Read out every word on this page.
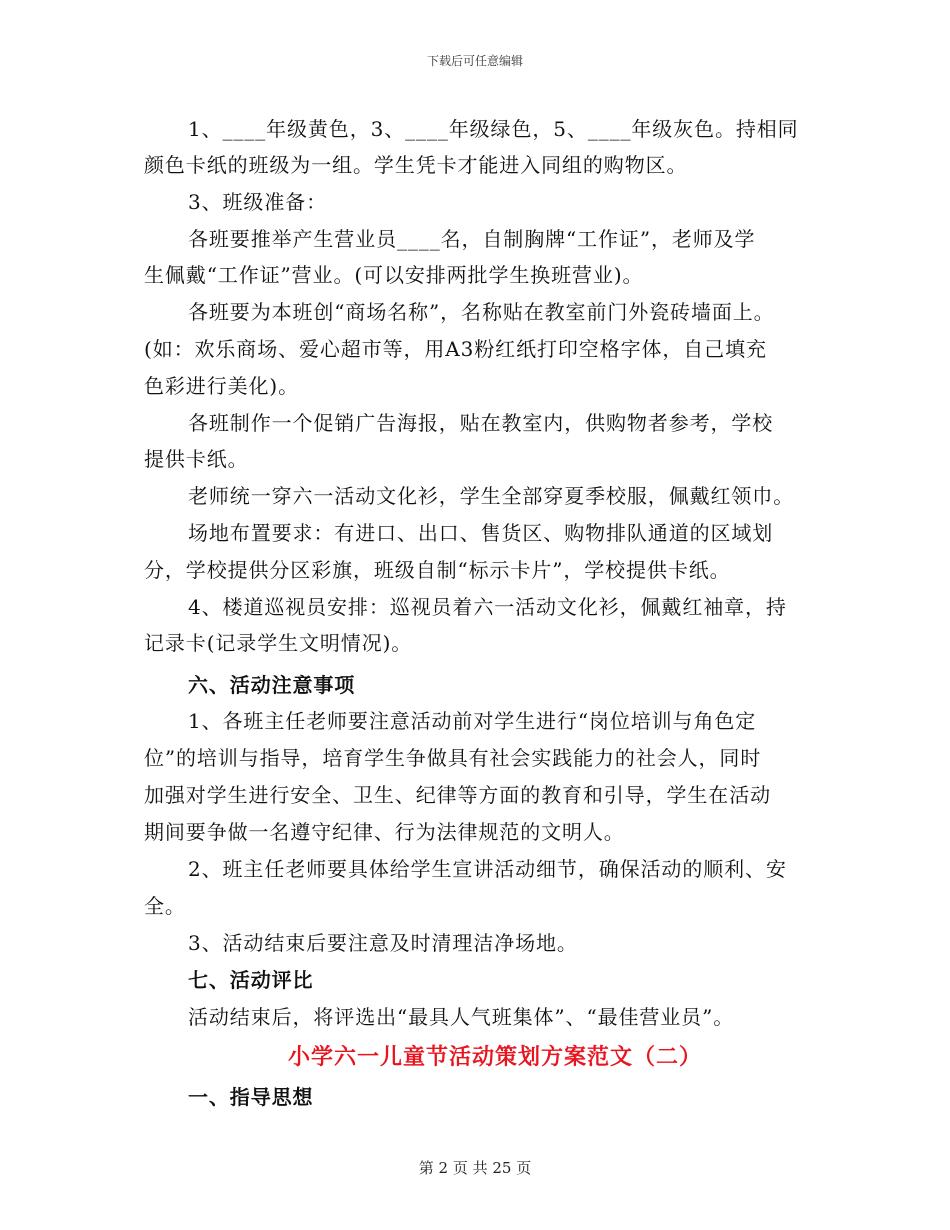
下载后可任意编辑
1、____年级黄色，3、____年级绿色，5、____年级灰色。持相同
颜色卡纸的班级为一组。学生凭卡才能进入同组的购物区。
3、班级准备：
各班要推举产生营业员____名，自制胸牌“工作证”，老师及学
生佩戴“工作证”营业。(可以安排两批学生换班营业)。
各班要为本班创“商场名称”，名称贴在教室前门外瓷砖墙面上。
(如：欢乐商场、爱心超市等，用A3粉红纸打印空格字体，自己填充
色彩进行美化)。
各班制作一个促销广告海报，贴在教室内，供购物者参考，学校
提供卡纸。
老师统一穿六一活动文化衫，学生全部穿夏季校服，佩戴红领巾。
场地布置要求：有进口、出口、售货区、购物排队通道的区域划
分，学校提供分区彩旗，班级自制“标示卡片”，学校提供卡纸。
4、楼道巡视员安排：巡视员着六一活动文化衫，佩戴红袖章，持
记录卡(记录学生文明情况)。
六、活动注意事项
1、各班主任老师要注意活动前对学生进行“岗位培训与角色定
位”的培训与指导，培育学生争做具有社会实践能力的社会人，同时
加强对学生进行安全、卫生、纪律等方面的教育和引导，学生在活动
期间要争做一名遵守纪律、行为法律规范的文明人。
2、班主任老师要具体给学生宣讲活动细节，确保活动的顺利、安
全。
3、活动结束后要注意及时清理洁净场地。
七、活动评比
活动结束后，将评选出“最具人气班集体”、“最佳营业员”。
小学六一儿童节活动策划方案范文（二）
一、指导思想
第 2 页 共 25 页
